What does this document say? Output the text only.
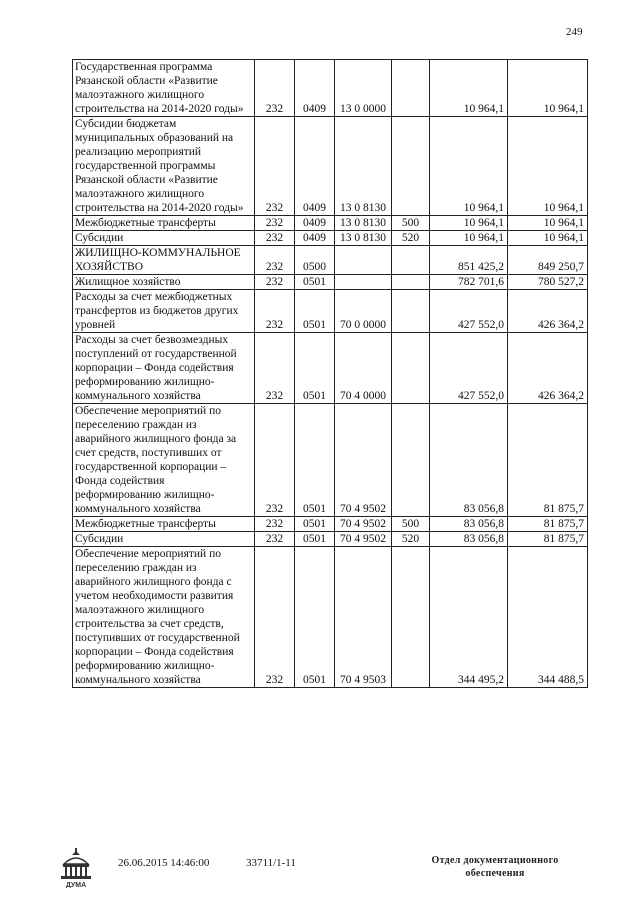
249
Государственная программа Рязанской области «Развитие малоэтажного жилищного строительства на 2014-2020 годы»	232	0409	13 0 0000		10 964,1	10 964,1

Субсидии бюджетам муниципальных образований на реализацию мероприятий государственной программы Рязанской области «Развитие малоэтажного жилищного строительства на 2014-2020 годы»	232	0409	13 0 8130		10 964,1	10 964,1

Межбюджетные трансферты	232	0409	13 0 8130	500	10 964,1	10 964,1

Субсидии	232	0409	13 0 8130	520	10 964,1	10 964,1

ЖИЛИЩНО-КОММУНАЛЬНОЕ ХОЗЯЙСТВО	232	0500			851 425,2	849 250,7

Жилищное хозяйство	232	0501			782 701,6	780 527,2

Расходы за счет межбюджетных трансфертов из бюджетов других уровней	232	0501	70 0 0000		427 552,0	426 364,2

Расходы за счет безвозмездных поступлений от государственной корпорации – Фонда содействия реформированию жилищно-коммунального хозяйства	232	0501	70 4 0000		427 552,0	426 364,2

Обеспечение мероприятий по переселению граждан из аварийного жилищного фонда за счет средств, поступивших от государственной корпорации – Фонда содействия реформированию жилищно-коммунального хозяйства	232	0501	70 4 9502		83 056,8	81 875,7

Межбюджетные трансферты	232	0501	70 4 9502	500	83 056,8	81 875,7

Субсидии	232	0501	70 4 9502	520	83 056,8	81 875,7

Обеспечение мероприятий по переселению граждан из аварийного жилищного фонда с учетом необходимости развития малоэтажного жилищного строительства за счет средств, поступивших от государственной корпорации – Фонда содействия реформированию жилищно-коммунального хозяйства	232	0501	70 4 9503		344 495,2	344 488,5
ДУМА
26.06.2015 14:46:00	33711/1-11	Отдел документационного
обеспечения
